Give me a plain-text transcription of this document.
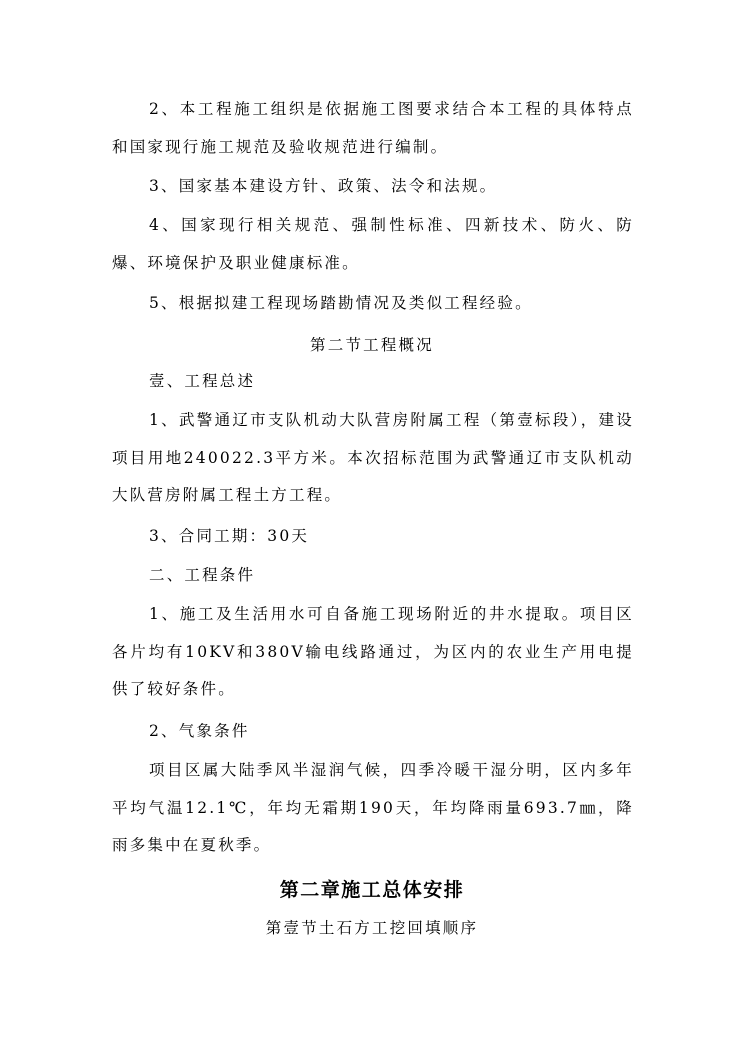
2、本工程施工组织是依据施工图要求结合本工程的具体特点和国家现行施工规范及验收规范进行编制。

3、国家基本建设方针、政策、法令和法规。

4、国家现行相关规范、强制性标准、四新技术、防火、防爆、环境保护及职业健康标准。

5、根据拟建工程现场踏勘情况及类似工程经验。

第二节工程概况

壹、工程总述

1、武警通辽市支队机动大队营房附属工程（第壹标段），建设项目用地240022.3平方米。本次招标范围为武警通辽市支队机动大队营房附属工程土方工程。

3、合同工期：30天

二、工程条件

1、施工及生活用水可自备施工现场附近的井水提取。项目区各片均有10KV和380V输电线路通过，为区内的农业生产用电提供了较好条件。

2、气象条件

项目区属大陆季风半湿润气候，四季冷暖干湿分明，区内多年平均气温12.1℃，年均无霜期190天，年均降雨量693.7㎜，降雨多集中在夏秋季。

第二章施工总体安排

第壹节土石方工挖回填顺序
